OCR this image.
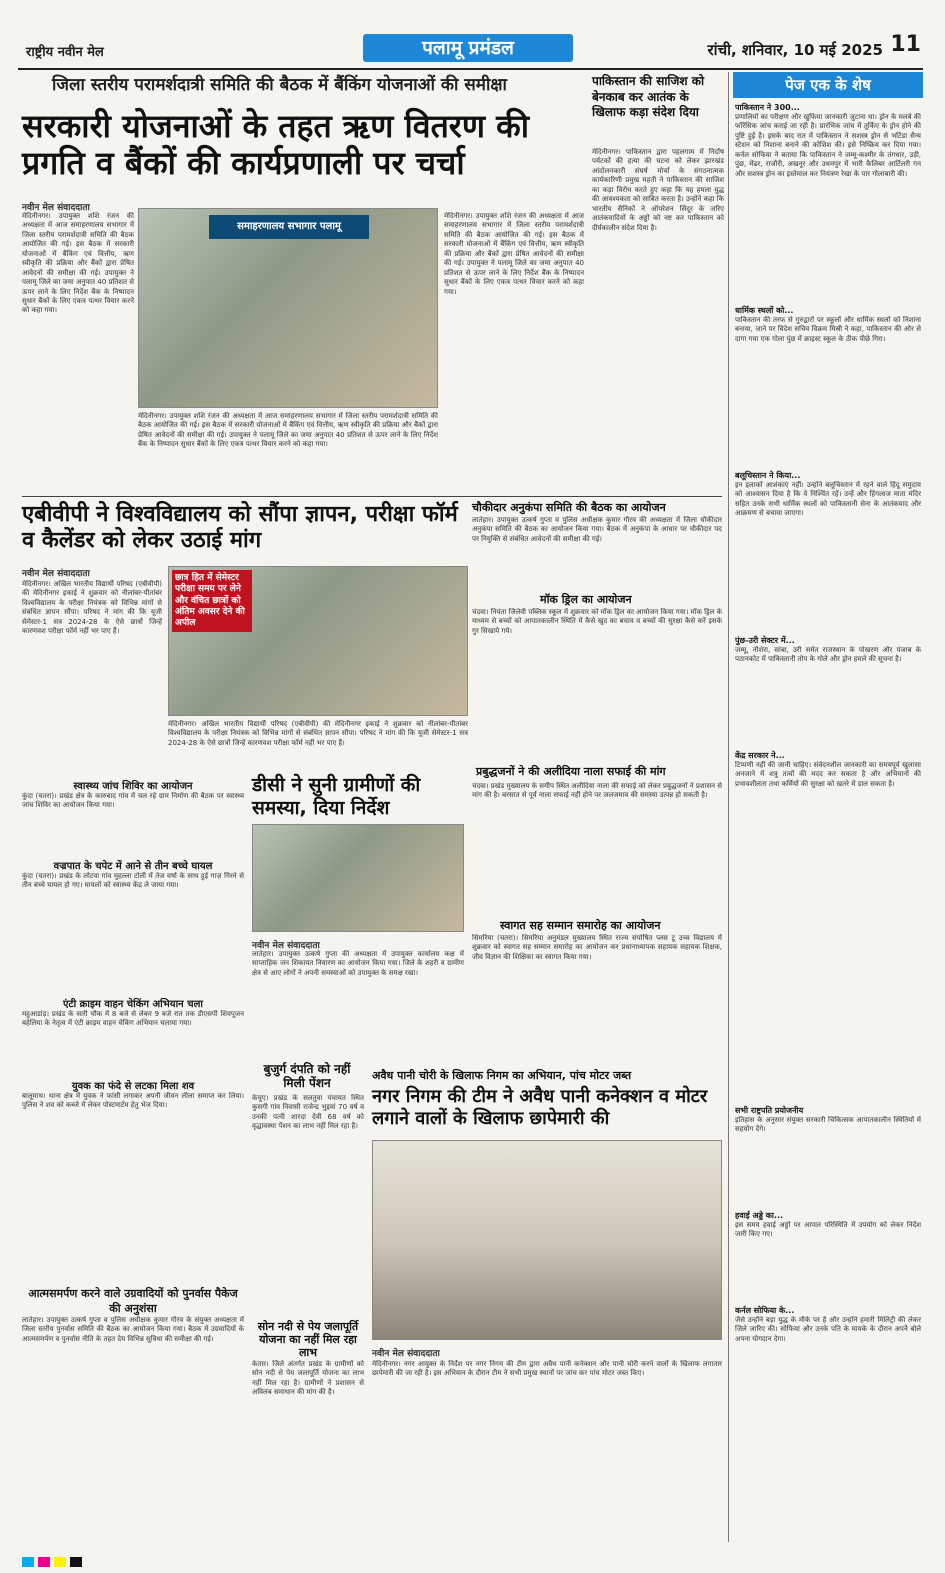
राष्ट्रीय नवीन मेल	पलामू प्रमंडल	रांची, शनिवार, 10 मई 2025 11
जिला स्तरीय परामर्शदात्री समिति की बैठक में बैंकिंग योजनाओं की समीक्षा
सरकारी योजनाओं के तहत ऋण वितरण की प्रगति व बैंकों की कार्यप्रणाली पर चर्चा
नवीन मेल संवाददाता
मेदिनीनगर। उपायुक्त शशि रंजन की अध्यक्षता में आज समाहरणालय सभागार में जिला स्तरीय परामर्शदात्री समिति की बैठक आयोजित की गई। इस बैठक में सरकारी योजनाओं में बैंकिंग एवं वित्तीय, ऋण स्वीकृति की प्रक्रिया और बैंकों द्वारा प्रेषित आवेदनों की समीक्षा की गई। उपायुक्त ने पलामू जिले का जमा अनुपात 40 प्रतिशत से ऊपर लाने के लिए निर्देश बैंक के निष्पादन सुधार बैंकों के लिए एकत्र पत्थर विचार करने को कहा गया।
समाहरणालय सभागार पलामू
मेदिनीनगर। उपायुक्त शशि रंजन की अध्यक्षता में आज समाहरणालय सभागार में जिला स्तरीय परामर्शदात्री समिति की बैठक आयोजित की गई। इस बैठक में सरकारी योजनाओं में बैंकिंग एवं वित्तीय, ऋण स्वीकृति की प्रक्रिया और बैंकों द्वारा प्रेषित आवेदनों की समीक्षा की गई। उपायुक्त ने पलामू जिले का जमा अनुपात 40 प्रतिशत से ऊपर लाने के लिए निर्देश बैंक के निष्पादन सुधार बैंकों के लिए एकत्र पत्थर विचार करने को कहा गया।
मेदिनीनगर। उपायुक्त शशि रंजन की अध्यक्षता में आज समाहरणालय सभागार में जिला स्तरीय परामर्शदात्री समिति की बैठक आयोजित की गई। इस बैठक में सरकारी योजनाओं में बैंकिंग एवं वित्तीय, ऋण स्वीकृति की प्रक्रिया और बैंकों द्वारा प्रेषित आवेदनों की समीक्षा की गई। उपायुक्त ने पलामू जिले का जमा अनुपात 40 प्रतिशत से ऊपर लाने के लिए निर्देश बैंक के निष्पादन सुधार बैंकों के लिए एकत्र पत्थर विचार करने को कहा गया।
पाकिस्तान की साजिश को बेनकाब कर आतंक के खिलाफ कड़ा संदेश दिया
मेदिनीनगर। पाकिस्तान द्वारा पहलगाम में निर्दोष पर्यटकों की हत्या की घटना को लेकर झारखंड आंदोलनकारी संघर्ष मोर्चा के संगठनात्मक कार्यकारिणी प्रमुख महती ने पाकिस्तान की साजिश का कड़ा विरोध करते हुए कहा कि यह हमला युद्ध की आवश्यकता को साबित करता है। उन्होंने कहा कि भारतीय सैनिकों ने ऑपरेशन सिंदूर के जरिए आतंकवादियों के अड्डों को नष्ट कर पाकिस्तान को दीर्घकालीन संदेश दिया है।
पेज एक के शेष
पाकिस्तान ने 300...
प्रणालियों का परीक्षण और खुफिया जानकारी जुटाना था। ड्रोन के मलबे की फॉरेंसिक जांच कराई जा रही है। प्रारंभिक जांच में तुर्किए के ड्रोन होने की पुष्टि हुई है। इसके बाद रात में पाकिस्तान ने सशस्त्र ड्रोन से भटिंडा सैन्य स्टेशन को निशाना बनाने की कोशिश की। इसे निष्क्रिय कर दिया गया। कर्नल सोफिया ने बताया कि पाकिस्तान ने जम्मू-कश्मीर के तंगधार, उड़ी, पुंछ, मेंढर, राजौरी, अखनूर और उधमपुर में भारी कैलिबर आर्टिलरी गन और सशस्त्र ड्रोन का इस्तेमाल कर नियंत्रण रेखा के पार गोलाबारी की।
धार्मिक स्थलों को...
पाकिस्तान की तरफ से गुरुद्वारों पर स्कूलों और धार्मिक स्थलों को निशाना बनाया, जाने पर विदेश सचिव विक्रम मिस्री ने कहा, पाकिस्तान की ओर से दागा गया एक गोला पुंछ में क्राइस्ट स्कूल के ठीक पीछे गिरा।
बलूचिस्तान ने किया...
इन इलाकों आशंकाएं नहीं। उन्होंने बलूचिस्तान में रहने वाले हिंदू समुदाय को आश्वासन दिया है कि वे निश्चिंत रहें। उन्हें और हिंगलाज माता मंदिर सहित उनके सभी धार्मिक स्थलों को पाकिस्तानी सेना के आतंकवाद और आक्रमण से बचाया जाएगा।
पुंछ-उरी सेक्टर में...
जम्मू, नौशेरा, सांबा, उरी समेत राजस्थान के पोखरण और पंजाब के पठानकोट में पाकिस्तानी तोप के गोले और ड्रोन हमले की सूचना है।
केंद्र सरकार ने...
टिप्पणी नहीं की जानी चाहिए। संवेदनशील जानकारी का समयपूर्व खुलासा अनजाने में शत्रु तत्वों की मदद कर सकता है और अभियानों की प्रभावशीलता तथा कर्मियों की सुरक्षा को खतरे में डाल सकता है।
सभी राष्ट्रपति प्रयोजनीय
इतिहास के अनुसार संयुक्त सरकारी चिकित्सक आपातकालीन स्थितियों में सहयोग देंगे।
हवाई अड्डे का...
इस समय हवाई अड्डों पर आपात परिस्थिति में उपयोग को लेकर निर्देश जारी किए गए।
कर्नल सोफिया के...
जैसे उन्होंने बड़ा युद्ध के मौके पर है और उन्होंने हमारी मिलिट्री की लेकर जिले जारिए की। सोफिया और उनके पति के मायके के दौरान अपनेे बोले अपना योगदान देगा।
एबीवीपी ने विश्वविद्यालय को सौंपा ज्ञापन, परीक्षा फॉर्म व कैलेंडर को लेकर उठाई मांग
नवीन मेल संवाददाता
मेदिनीनगर। अखिल भारतीय विद्यार्थी परिषद (एबीवीपी) की मेदिनीनगर इकाई ने शुक्रवार को नीलांबर-पीतांबर विश्वविद्यालय के परीक्षा नियंत्रक को विभिन्न मांगों से संबंधित ज्ञापन सौंपा। परिषद ने मांग की कि यूजी सेमेस्टर-1 सत्र 2024-28 के ऐसे छात्रों जिन्हें कारणवश परीक्षा फॉर्म नहीं भर पाए हैं।
छात्र हित में सेमेस्टर परीक्षा समय पर लेने और वंचित छात्रों को अंतिम अवसर देने की अपील
मेदिनीनगर। अखिल भारतीय विद्यार्थी परिषद (एबीवीपी) की मेदिनीनगर इकाई ने शुक्रवार को नीलांबर-पीतांबर विश्वविद्यालय के परीक्षा नियंत्रक को विभिन्न मांगों से संबंधित ज्ञापन सौंपा। परिषद ने मांग की कि यूजी सेमेस्टर-1 सत्र 2024-28 के ऐसे छात्रों जिन्हें कारणवश परीक्षा फॉर्म नहीं भर पाए हैं।
चौकीदार अनुकंपा समिति की बैठक का आयोजन
लातेहार। उपायुक्त उत्कर्ष गुप्ता व पुलिस अधीक्षक कुमार गौरव की अध्यक्षता में जिला चौकीदार अनुकंपा समिति की बैठक का आयोजन किया गया। बैठक में अनुकंपा के आधार पर चौकीदार पद पर नियुक्ति से संबंधित आवेदनों की समीक्षा की गई।
मॉक ड्रिल का आयोजन
चंदवा। नियंता जिलेवी पब्लिक स्कूल में शुक्रवार को मॉक ड्रिल का आयोजन किया गया। मॉक ड्रिल के माध्यम से बच्चों को आपातकालीन स्थिति में कैसे खुद का बचाव व बच्चों की सुरक्षा कैसे करें इसके गुर सिखाये गये।
प्रबुद्धजनों ने की अलीदिया नाला सफाई की मांग
चंदवा। प्रखंड मुख्यालय के समीप स्थित अलीदिया नाला की सफाई को लेकर प्रबुद्धजनों ने प्रशासन से मांग की है। बरसात से पूर्व नाला सफाई नहीं होने पर जलजमाव की समस्या उत्पन्न हो सकती है।
स्वागत सह सम्मान समारोह का आयोजन
सिमरिया (चतरा)। सिमरिया अनुमंडल मुख्यालय स्थित राज्य संपोषित प्लस टू उच्च विद्यालय में शुक्रवार को स्वागत सह सम्मान समारोह का आयोजन कर प्रधानाध्यापक सहायक सहायक शिक्षक, जीव विज्ञान की शिक्षिका का स्वागत किया गया।
डीसी ने सुनी ग्रामीणों की समस्या, दिया निर्देश
नवीन मेल संवाददाता
लातेहार। उपायुक्त उत्कर्ष गुप्ता की अध्यक्षता में उपायुक्त कार्यालय कक्ष में साप्ताहिक जन शिकायत निवारण का आयोजन किया गया। जिले के शहरी व ग्रामीण क्षेत्र से आए लोगों ने अपनी समस्याओं को उपायुक्त के समक्ष रखा।
स्वास्थ्य जांच शिविर का आयोजन
कुंदा (चतरा)। प्रखंड क्षेत्र के कारुबाद गांव में चल रहे ग्राम निर्माण की बैठक पर स्वास्थ्य जांच शिविर का आयोजन किया गया।
वज्रपात के चपेट में आने से तीन बच्चे घायल
कुंदा (चतरा)। प्रखंड के लोटवा गांव मुहल्ला टोली में तेज वर्षा के साथ हुई गाज़ गिरने से तीन बच्चे घायल हो गए। घायलों को स्वास्थ्य केंद्र ले जाया गया।
एंटी क्राइम वाहन चेकिंग अभियान चला
महुआडांड़। प्रखंड के सारी चौक में 8 बजे से लेकर 9 बजे रात तक डीएसपी शिवपूजन बहेलिया के नेतृत्व में एंटी क्राइम वाहन चेकिंग अभियान चलाया गया।
युवक का फंदे से लटका मिला शव
बालूमाथ। थाना क्षेत्र में युवक ने फांसी लगाकर अपनी जीवन लीला समाप्त कर लिया। पुलिस ने शव को कब्जे में लेकर पोस्टमार्टम हेतु भेज दिया।
आत्मसमर्पण करने वाले उग्रवादियों को पुनर्वास पैकेज की अनुशंसा
लातेहार। उपायुक्त उत्कर्ष गुप्ता व पुलिस अधीक्षक कुमार गौरव के संयुक्त अध्यक्षता में जिला स्तरीय पुनर्वास समिति की बैठक का आयोजन किया गया। बैठक में उग्रवादियों के आत्मसमर्पण व पुनर्वास नीति के तहत देय विभिन्न सुविधा की समीक्षा की गई।
बुजुर्ग दंपति को नहीं मिली पेंशन
केचुए। प्रखंड के सलतुवा पंचायत स्थित कुसगी गांव निवासी राजेन्द्र भुइयां 70 वर्ष व उनकी पत्नी शारदा देवी 68 वर्ष को वृद्धावस्था पेंशन का लाभ नहीं मिल रहा है।
सोन नदी से पेय जलापूर्ति योजना का नहीं मिल रहा लाभ
केतार। जिले अंतर्गत प्रखंड के ग्रामीणों को सोन नदी से पेय जलापूर्ति योजना का लाभ नहीं मिल रहा है। ग्रामीणों ने प्रशासन से अविलंब समाधान की मांग की है।
अवैध पानी चोरी के खिलाफ निगम का अभियान, पांच मोटर जब्त
नगर निगम की टीम ने अवैध पानी कनेक्शन व मोटर लगाने वालों के खिलाफ छापेमारी की
नवीन मेल संवाददाता
मेदिनीनगर। नगर आयुक्त के निर्देश पर नगर निगम की टीम द्वारा अवैध पानी कनेक्शन और पानी चोरी करने वालों के खिलाफ लगातार छापेमारी की जा रही है। इस अभियान के दौरान टीम ने सभी प्रमुख स्थानों पर जांच कर पांच मोटर जब्त किए।
